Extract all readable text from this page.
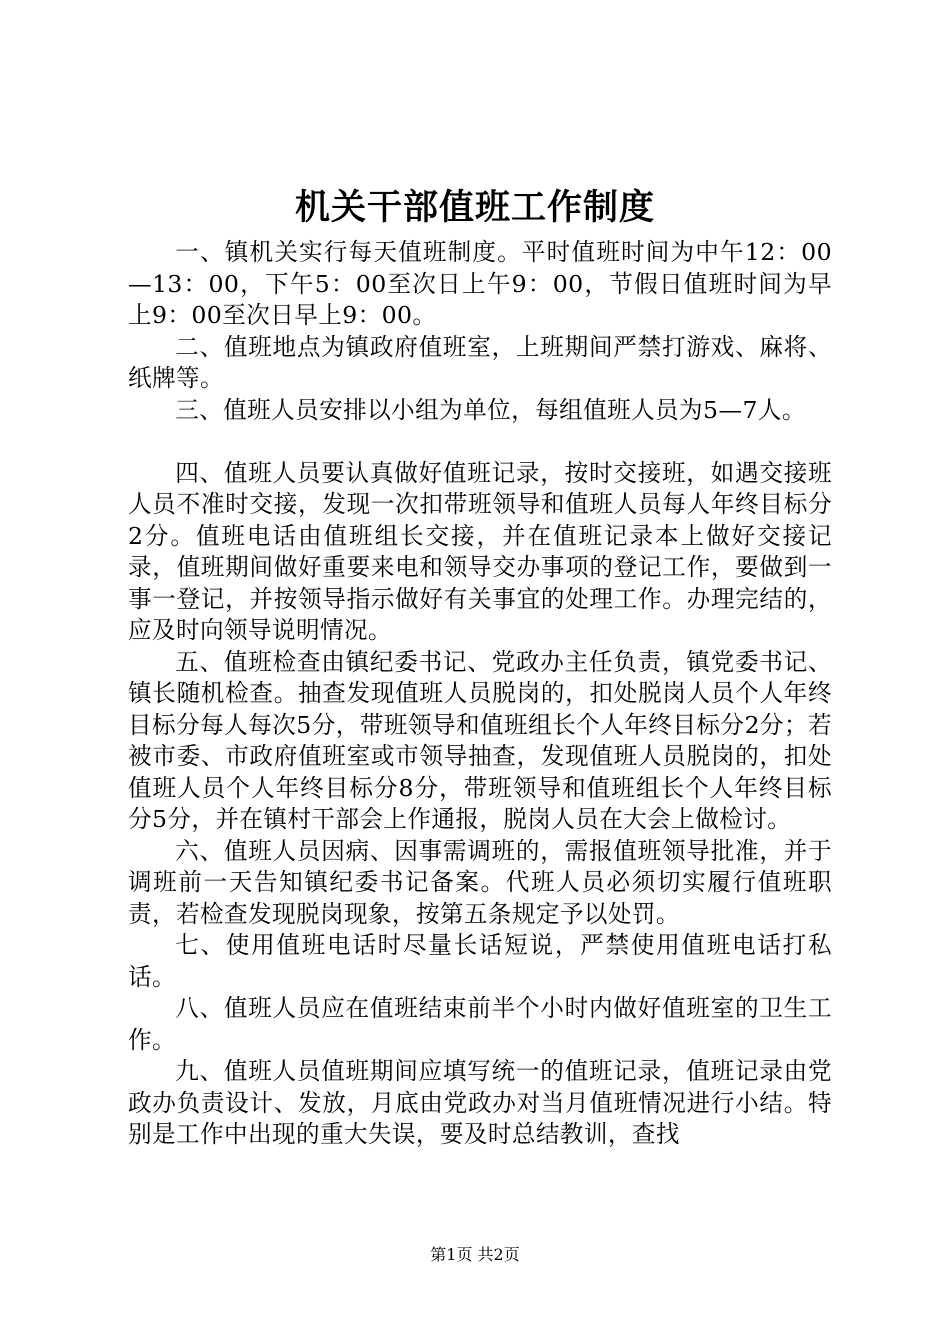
机关干部值班工作制度

一、镇机关实行每天值班制度。平时值班时间为中午12：00—13：00，下午5：00至次日上午9：00，节假日值班时间为早上9：00至次日早上9：00。

二、值班地点为镇政府值班室，上班期间严禁打游戏、麻将、纸牌等。

三、值班人员安排以小组为单位，每组值班人员为5—7人。

四、值班人员要认真做好值班记录，按时交接班，如遇交接班人员不准时交接，发现一次扣带班领导和值班人员每人年终目标分2分。值班电话由值班组长交接，并在值班记录本上做好交接记录，值班期间做好重要来电和领导交办事项的登记工作，要做到一事一登记，并按领导指示做好有关事宜的处理工作。办理完结的，应及时向领导说明情况。

五、值班检查由镇纪委书记、党政办主任负责，镇党委书记、镇长随机检查。抽查发现值班人员脱岗的，扣处脱岗人员个人年终目标分每人每次5分，带班领导和值班组长个人年终目标分2分；若被市委、市政府值班室或市领导抽查，发现值班人员脱岗的，扣处值班人员个人年终目标分8分，带班领导和值班组长个人年终目标分5分，并在镇村干部会上作通报，脱岗人员在大会上做检讨。

六、值班人员因病、因事需调班的，需报值班领导批准，并于调班前一天告知镇纪委书记备案。代班人员必须切实履行值班职责，若检查发现脱岗现象，按第五条规定予以处罚。

七、使用值班电话时尽量长话短说，严禁使用值班电话打私话。

八、值班人员应在值班结束前半个小时内做好值班室的卫生工作。

九、值班人员值班期间应填写统一的值班记录，值班记录由党政办负责设计、发放，月底由党政办对当月值班情况进行小结。特别是工作中出现的重大失误，要及时总结教训，查找

第1页 共2页
